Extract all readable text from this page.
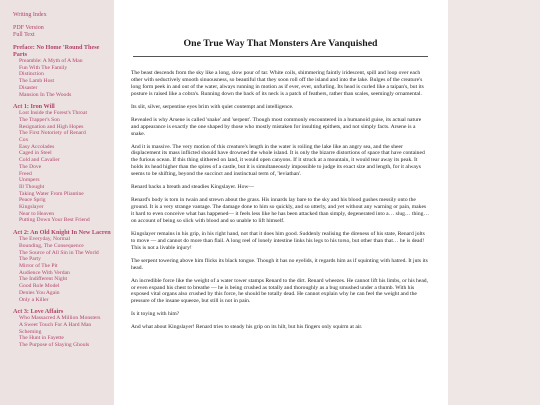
Writing Index
PDF Version
Full Text
Preface: No Home 'Round These Parts
Preamble: A Myth of A Man
Fun With The Family
Distinction
The Lamb Host
Disaster
Mansion In The Woods
Act 1: Iron Will
Lost Inside the Forest's Throat
The Trapper's Son
Resignation and High Hopes
The First Notoriety of Renard
Cox
Easy Accolades
Caged in Steel
Cold and Cavalier
The Dove
Freed
Unmpers
Ill Thought
Taking Water From Pliantine
Peace Sprig
Kingslayer
Near to Heaven
Putting Down Your Best Friend
Act 2: An Old Knight In New Lacren
The Everyday, Normal
Bounding, The Consequence
The Source of All Sin in The World
The Party
Mirror of The Pit
Audience With Verdan
The Indifferent Night
Good Role Model
Denies You Again
Only a Killer
Act 3: Love Affairs
Who Massacred A Million Monsters
A Sweet Touch For A Hard Man
Scheming
The Hunt in Fayette
The Purpose of Slaying Ghouls
One True Way That Monsters Are Vanquished

The beast descends from the sky like a long, slow pour of tar. White coils, shimmering faintly iridescent, spill and loop over each other with seductively smooth sinuousness, so beautiful that they soon roll off the island and into the lake. Bulges of the creature's long form peek in and out of the water, always running in motion as if ever, ever, unfurling. Its head is curled like a taipan's, but its posture is raised like a cobra's. Running down the back of its neck is a patch of feathers, rather than scales, seemingly ornamental.

Its slit, silver, serpentine eyes brim with quiet contempt and intelligence.

Revealed is why Arsene is called 'snake' and 'serpent'. Though most commonly encountered in a humanoid guise, its actual nature and appearance is exactly the one shaped by those who mostly mistaken for insulting epithets, and not simply facts. Arsene is a snake.

And it is massive. The very motion of this creature's length in the water is roiling the lake like an angry sea, and the sheer displacement its mass inflicted should have drowned the whole island. It is only the bizarre distortions of space that have contained the furious ocean. If this thing slithered on land, it would open canyons. If it struck at a mountain, it would tear away its peak. It holds its head higher than the spires of a castle, but it is simultaneously impossible to judge its exact size and length, for it always seems to be shifting, beyond the succinct and instinctual term of, 'leviathan'.

Renard backs a breath and steadies Kingslayer. How—

Renard's body is torn in twain and strewn about the grass. His innards lay bare to the sky and his blood gushes messily onto the ground. It is a very strange vantage. The damage done to him so quickly, and so utterly, and yet without any warning or pain, makes it hard to even conceive what has happened— it feels less like he has been attacked than simply, degenerated into a… slug… thing… on account of being so slick with blood and so unable to lift himself.

Kingslayer remains in his grip, in his right hand, not that it does him good. Suddenly realising the direness of his state, Renard jolts to move — and cannot do more than flail. A long reel of lonely intestine links his legs to his torso, but other than that… he is dead! This is not a livable injury!

The serpent towering above him flicks its black tongue. Though it has no eyelids, it regards him as if squinting with hatred. It juts its head.

An incredible force like the weight of a water tower stamps Renard to the dirt. Renard wheezes. He cannot lift his limbs, or his head, or even expand his chest to breathe — he is being crushed as totally and thoroughly as a bug smushed under a thumb. With his exposed vital organs also crushed by this force, he should be totally dead. He cannot explain why he can feel the weight and the pressure of the insane squeeze, but still is not in pain.

Is it toying with him?

And what about Kingslayer! Renard tries to steady his grip on its hilt, but his fingers only squirm at air.
